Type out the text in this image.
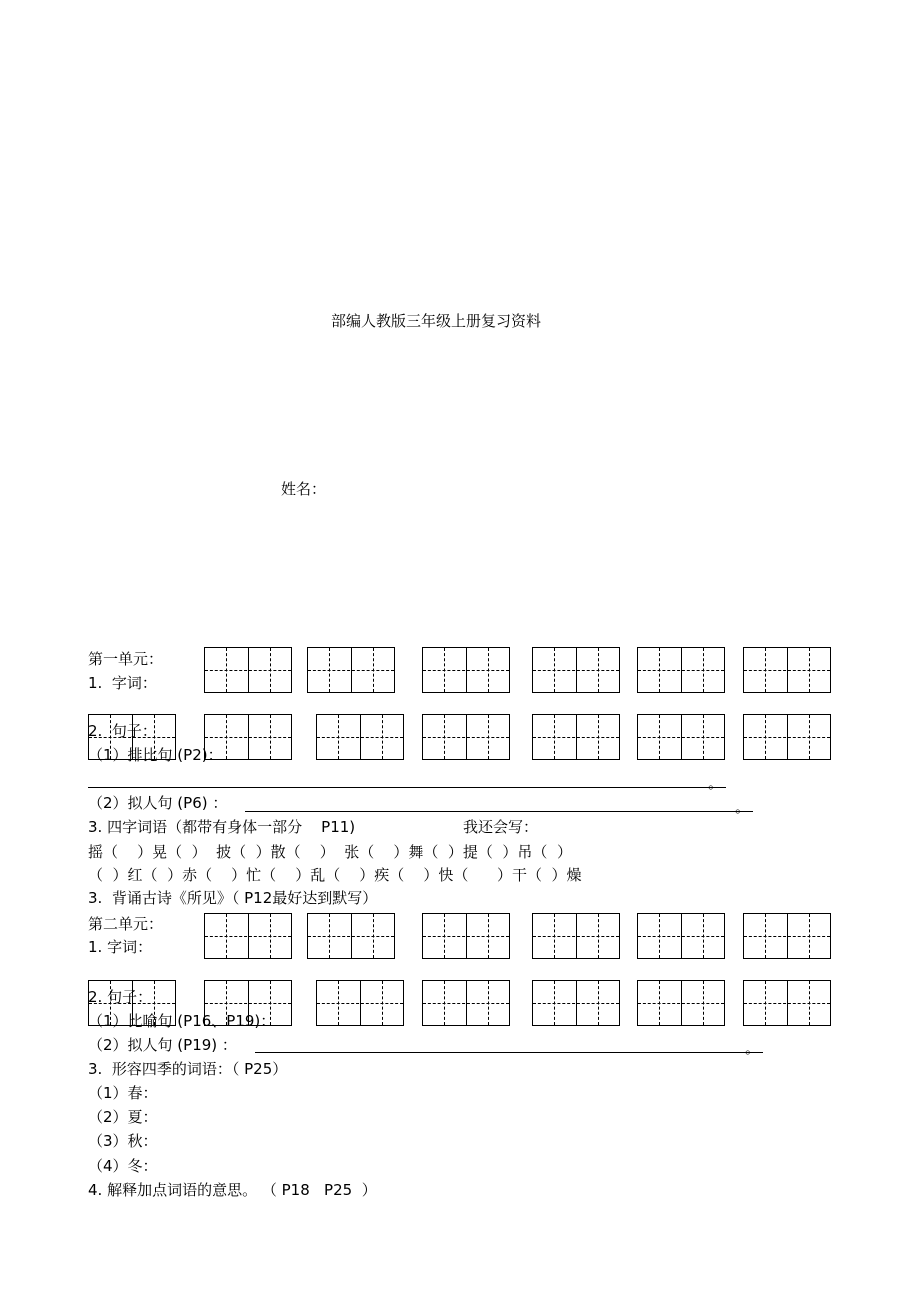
部编人教版三年级上册复习资料
姓名：
第一单元：
1.  字词：
2.  句子：
（1）排比句 (P2)：
。
（2）拟人句 (P6) ：	。
3. 四字词语（都带有身体一部分    P11)	我还会写：
摇（    ）晃（  ）  披（  ）散（    ）  张（    ）舞（  ）提（  ）吊（  ）
（  ）红（  ）赤（    ）忙（    ）乱（    ）疾（    ）快（      ）干（  ）燥
3.  背诵古诗《所见》（ P12最好达到默写）
第二单元：
1. 字词：
2. 句子：
（1）比喻句 (P16、P19)：
（2）拟人句 (P19) ：	。
3.  形容四季的词语：（ P25）
（1）春：
（2）夏：
（3）秋：
（4）冬：
4. 解释加点词语的意思。 （ P18   P25  ）
